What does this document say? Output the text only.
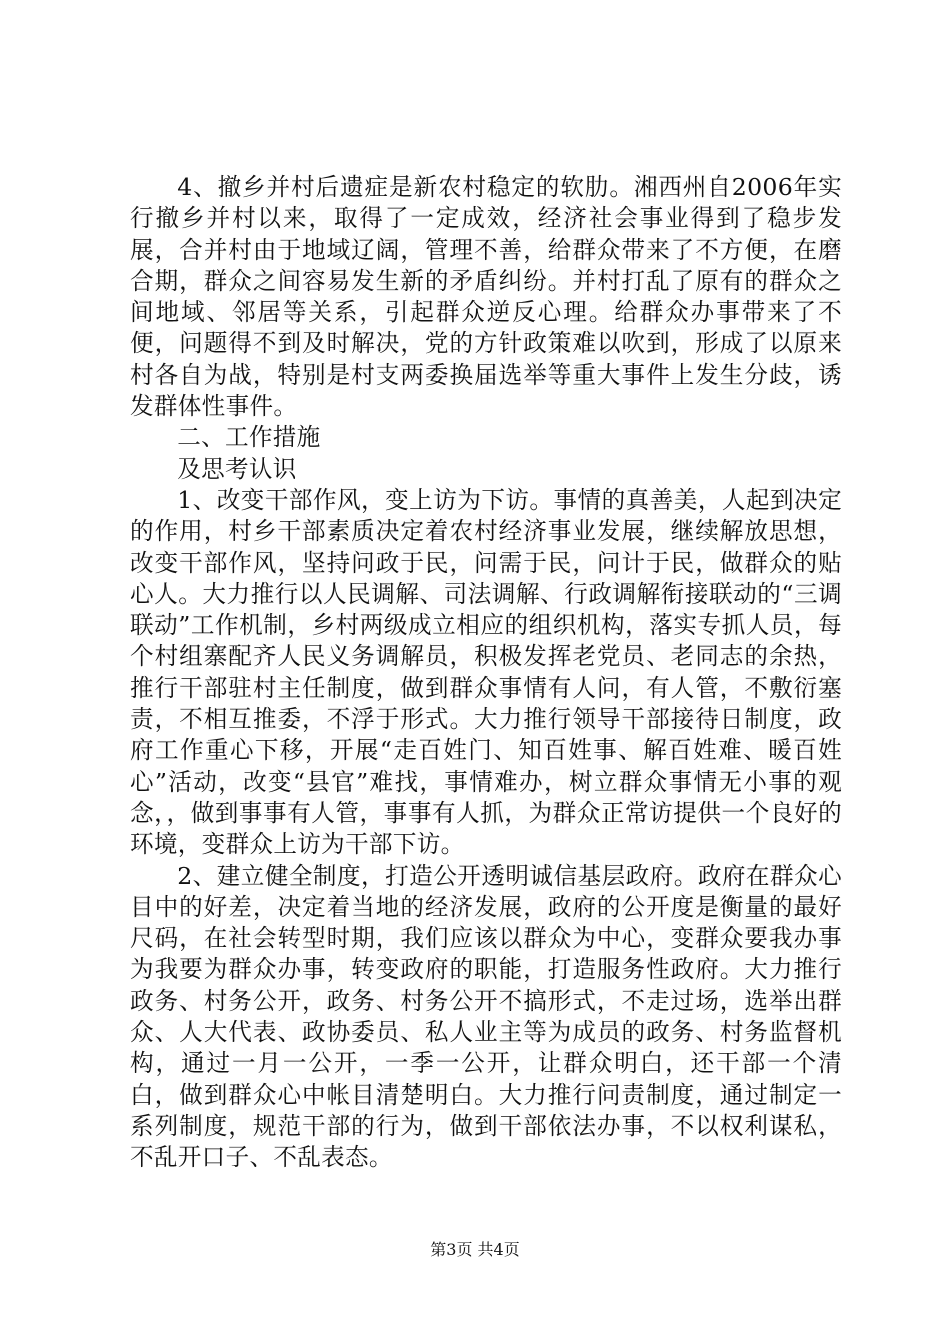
4、撤乡并村后遗症是新农村稳定的软肋。湘西州自2006年实行撤乡并村以来，取得了一定成效，经济社会事业得到了稳步发展，合并村由于地域辽阔，管理不善，给群众带来了不方便，在磨合期，群众之间容易发生新的矛盾纠纷。并村打乱了原有的群众之间地域、邻居等关系，引起群众逆反心理。给群众办事带来了不便，问题得不到及时解决，党的方针政策难以吹到，形成了以原来村各自为战，特别是村支两委换届选举等重大事件上发生分歧，诱发群体性事件。

二、工作措施

及思考认识

1、改变干部作风，变上访为下访。事情的真善美，人起到决定的作用，村乡干部素质决定着农村经济事业发展，继续解放思想，改变干部作风，坚持问政于民，问需于民，问计于民，做群众的贴心人。大力推行以人民调解、司法调解、行政调解衔接联动的“三调联动”工作机制，乡村两级成立相应的组织机构，落实专抓人员，每个村组寨配齐人民义务调解员，积极发挥老党员、老同志的余热，推行干部驻村主任制度，做到群众事情有人问，有人管，不敷衍塞责，不相互推委，不浮于形式。大力推行领导干部接待日制度，政府工作重心下移，开展“走百姓门、知百姓事、解百姓难、暖百姓心”活动，改变“县官”难找，事情难办，树立群众事情无小事的观念，，做到事事有人管，事事有人抓，为群众正常访提供一个良好的环境，变群众上访为干部下访。

2、建立健全制度，打造公开透明诚信基层政府。政府在群众心目中的好差，决定着当地的经济发展，政府的公开度是衡量的最好尺码，在社会转型时期，我们应该以群众为中心，变群众要我办事为我要为群众办事，转变政府的职能，打造服务性政府。大力推行政务、村务公开，政务、村务公开不搞形式，不走过场，选举出群众、人大代表、政协委员、私人业主等为成员的政务、村务监督机构，通过一月一公开，一季一公开，让群众明白，还干部一个清白，做到群众心中帐目清楚明白。大力推行问责制度，通过制定一系列制度，规范干部的行为，做到干部依法办事，不以权利谋私，不乱开口子、不乱表态。

第3页 共4页
